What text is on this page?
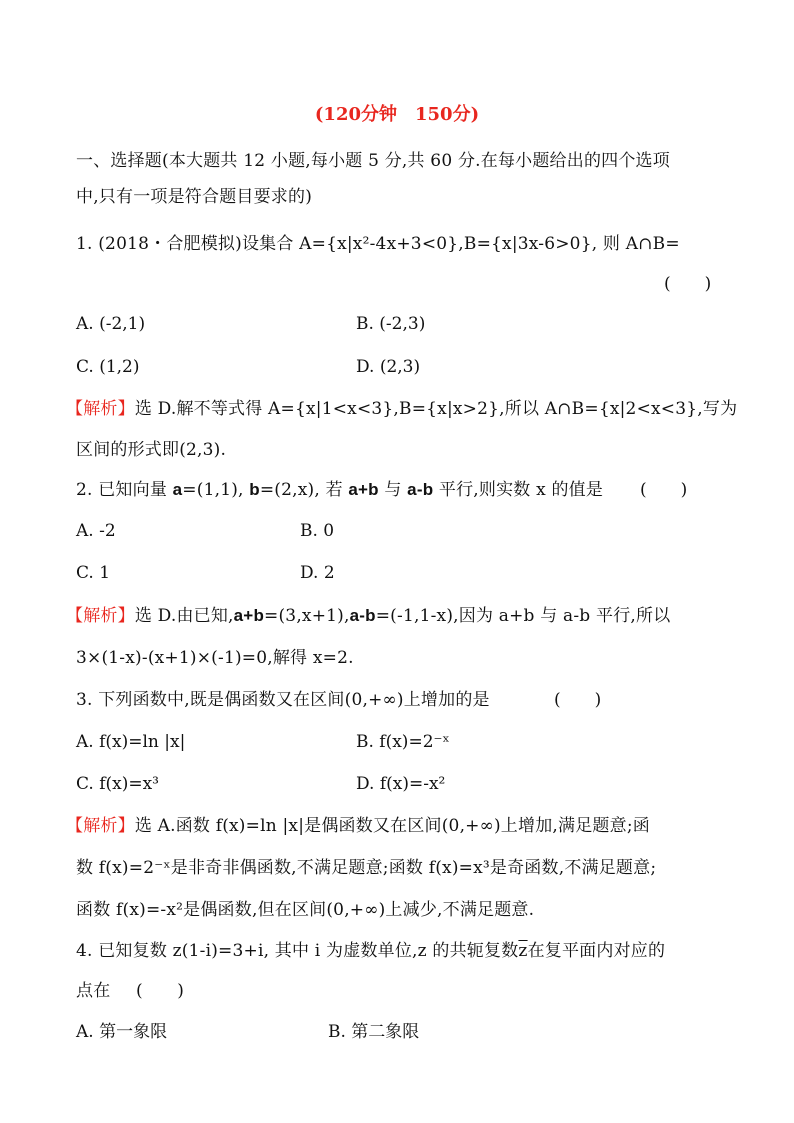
(120分钟　150分)
一、选择题(本大题共 12 小题,每小题 5 分,共 60 分.在每小题给出的四个选项
中,只有一项是符合题目要求的)
1. (2018・合肥模拟)设集合 A={x|x²-4x+3<0},B={x|3x-6>0}, 则 A∩B=
(　　)
A. (-2,1)	B. (-2,3)
C. (1,2)	D. (2,3)
【解析】选 D.解不等式得 A={x|1<x<3},B={x|x>2},所以 A∩B={x|2<x<3},写为
区间的形式即(2,3).
2. 已知向量 a=(1,1), b=(2,x), 若 a+b 与 a-b 平行,则实数 x 的值是 (　　)
A. -2	B. 0
C. 1	D. 2
【解析】选 D.由已知,a+b=(3,x+1),a-b=(-1,1-x),因为 a+b 与 a-b 平行,所以
3×(1-x)-(x+1)×(-1)=0,解得 x=2.
3. 下列函数中,既是偶函数又在区间(0,+∞)上增加的是	(　　)
A. f(x)=ln |x|	B. f(x)=2⁻ˣ
C. f(x)=x³	D. f(x)=-x²
【解析】选 A.函数 f(x)=ln |x|是偶函数又在区间(0,+∞)上增加,满足题意;函
数 f(x)=2⁻ˣ是非奇非偶函数,不满足题意;函数 f(x)=x³是奇函数,不满足题意;
函数 f(x)=-x²是偶函数,但在区间(0,+∞)上减少,不满足题意.
4. 已知复数 z(1-i)=3+i, 其中 i 为虚数单位,z 的共轭复数$\overline{z}$在复平面内对应的
点在 (　　)
A. 第一象限	B. 第二象限
